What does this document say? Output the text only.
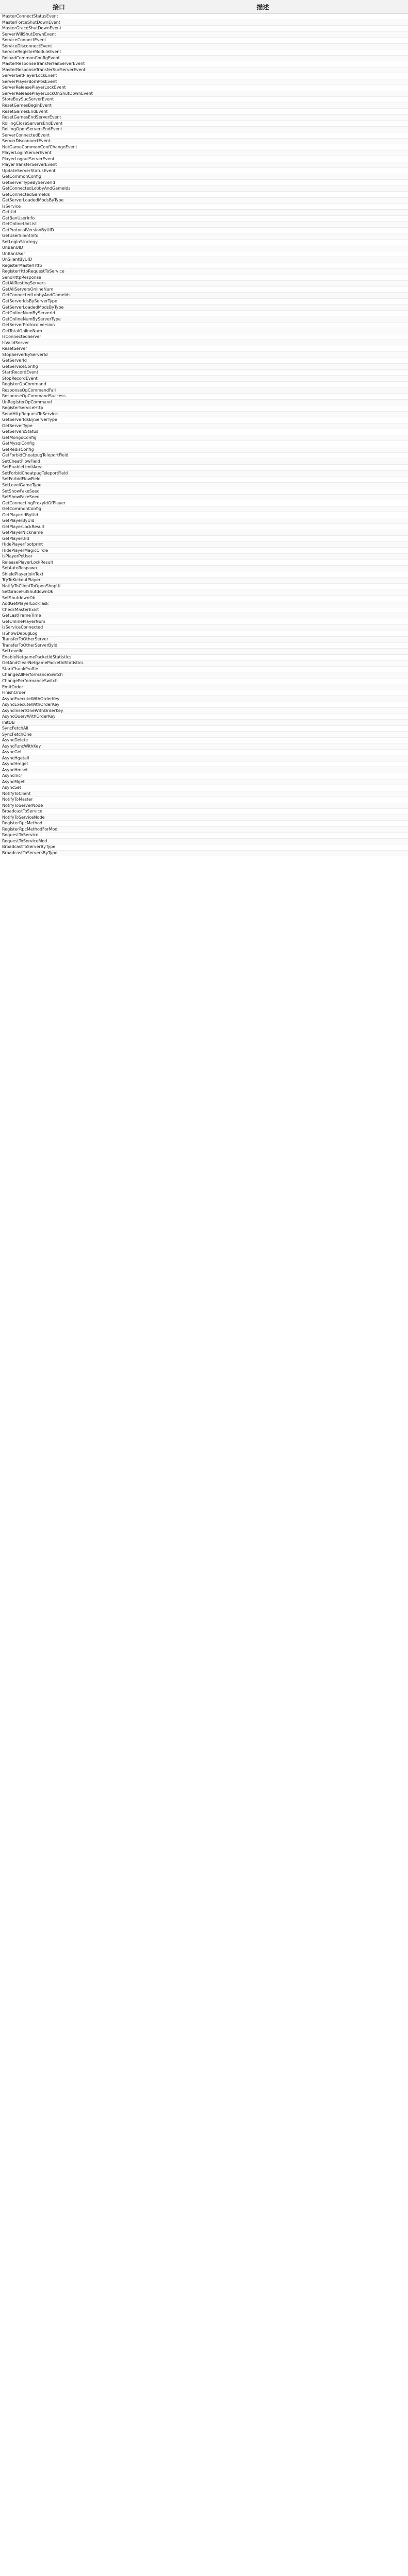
接口	描述
MasterConnectStatusEvent	
MasterForceShutDownEvent	
MasterGraceShutDownEvent	
ServerWillShutDownEvent	
ServiceConnectEvent	
ServiceDisconnectEvent	
ServiceRegisterModuleEvent	
ReloadCommonConfigEvent	
MasterResponseTransferFailServerEvent	
MasterResponseTransferSucServerEvent	
ServerGetPlayerLockEvent	
ServerPlayerBornPosEvent	
ServerReleasePlayerLockEvent	
ServerReleasePlayerLockOnShutDownEvent	
StoreBuySucServerEvent	
ResetGamesBeginEvent	
ResetGamesEndEvent	
ResetGamesEndServerEvent	
RollingCloseServersEndEvent	
RollingOpenServersEndEvent	
ServerConnectedEvent	
ServerDisconnectEvent	
NetGameCommonConfChangeEvent	
PlayerLoginServerEvent	
PlayerLogoutServerEvent	
PlayerTransferServerEvent	
UpdateServerStatusEvent	
GetCommonConfig	
GetServerTypeByServerId	
GetConnectedLobbyAndGameIds	
GetConnectedGameIds	
GetServerLoadedModsByType	
IsService	
GetUid	
GetBanUserInfo	
GetOnlineUidList	
GetProtocolVersionByUID	
GetUserSilentInfo	
SetLoginStrategy	
UnBanUID	
UnBanUser	
UnSilentByUID	
RegisterMasterHttp	
RegisterHttpRequestToService	
SendHttpResponse	
GetAllRestingServers	
GetAllServersOnlineNum	
GetConnectedLobbyAndGameIds	
GetServerIdsByServerType	
GetServerLoadedModsByType	
GetOnlineNumByServerId	
GetOnlineNumByServerType	
GetServerProtocolVersion	
GetTotalOnlineNum	
IsConnectedServer	
IsValidServer	
ResetServer	
StopServerByServerId	
GetServerId	
GetServiceConfig	
StartRecordEvent	
StopRecordEvent	
RegisterOpCommand	
ResponseOpCommandFail	
ResponseOpCommandSuccess	
UnRegisterOpCommand	
RegisterServiceHttp	
SendHttpRequestToService	
GetServerIdsByServerType	
GetServerType	
GetServersStatus	
GetMongoConfig	
GetMysqlConfig	
GetRedisConfig	
GetForbidCheatpugTeleportField	
SetCheatFlowField	
SetEnableLimitArea	
SetForbidCheatpugTeleportField	
SetForbidFlowField	
SetLevelGameType	
SetShowFakeSeed	
SetShowFakeSeed	
GetConnectingProxyIdOfPlayer	
GetCommonConfig	
GetPlayerIdByUid	
GetPlayerByUid	
GetPlayerLockResult	
GetPlayerNickname	
GetPlayerUid	
HidePlayerFootprint	
HidePlayerMagicCircle	
IsPlayerPeUser	
ReleasePlayerLockResult	
SetAutoRespawn	
ShieldPlayerJoinText	
TryToKickoutPlayer	
NotifyToClientToOpenShopUi	
SetGraceFulShutdownOk	
SetShutdownOk	
AddGetPlayerLockTask	
CheckMasterExist	
GetLastFrameTime	
GetOnlinePlayerNum	
IsServiceConnected	
IsShowDebugLog	
TransferToOtherServer	
TransferToOtherServerById	
SetLevelId	
EnableNetgamePacketIdStatistics	
GetAndClearNetgamePacketIdStatistics	
StartChunkProfile	
ChangeAllPerformanceSwitch	
ChangePerformanceSwitch	
EmitOrder	
FinishOrder	
AsyncExecuteWithOrderKey	
AsyncExecuteWithOrderKey	
AsyncInsertOneWithOrderKey	
AsyncQueryWithOrderKey	
InitDB	
SyncFetchAll	
SyncFetchOne	
AsyncDelete	
AsyncFuncWithKey	
AsyncGet	
AsyncHgetall	
AsyncHmget	
AsyncHmset	
AsyncIncr	
AsyncMget	
AsyncSet	
NotifyToClient	
NotifyToMaster	
NotifyToServerNode	
BroadcastToService	
NotifyToServiceNode	
RegisterRpcMethod	
RegisterRpcMethodForMod	
RequestToService	
RequestToServiceMod	
BroadcastToServerByType	
BroadcastToServersByType	
